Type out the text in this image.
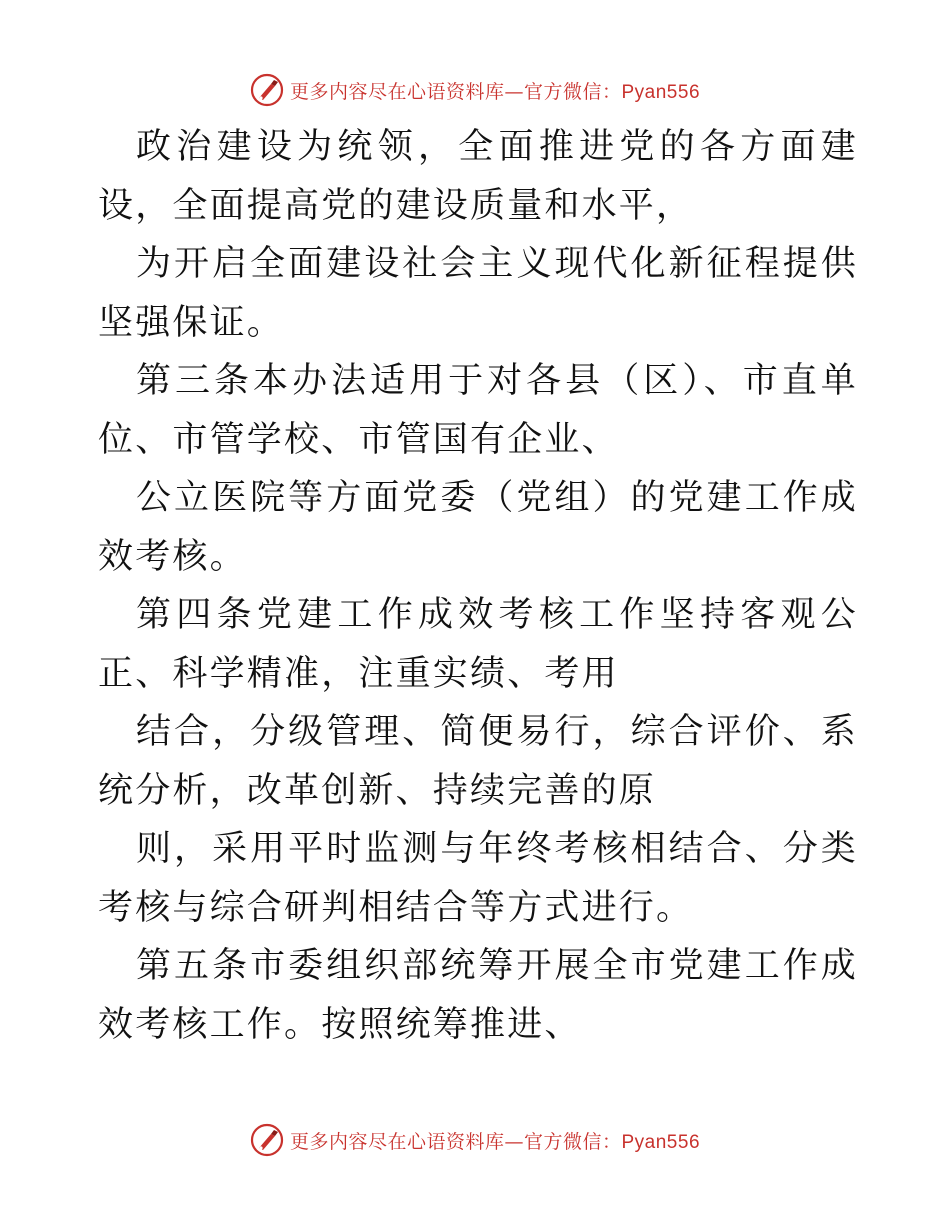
更多内容尽在心语资料库—官方微信：Pyan556

政治建设为统领，全面推进党的各方面建设，全面提高党的建设质量和水平，

为开启全面建设社会主义现代化新征程提供坚强保证。

第三条本办法适用于对各县（区）、市直单位、市管学校、市管国有企业、

公立医院等方面党委（党组）的党建工作成效考核。

第四条党建工作成效考核工作坚持客观公正、科学精准，注重实绩、考用

结合，分级管理、简便易行，综合评价、系统分析，改革创新、持续完善的原

则，采用平时监测与年终考核相结合、分类考核与综合研判相结合等方式进行。

第五条市委组织部统筹开展全市党建工作成效考核工作。按照统筹推进、

更多内容尽在心语资料库—官方微信：Pyan556
